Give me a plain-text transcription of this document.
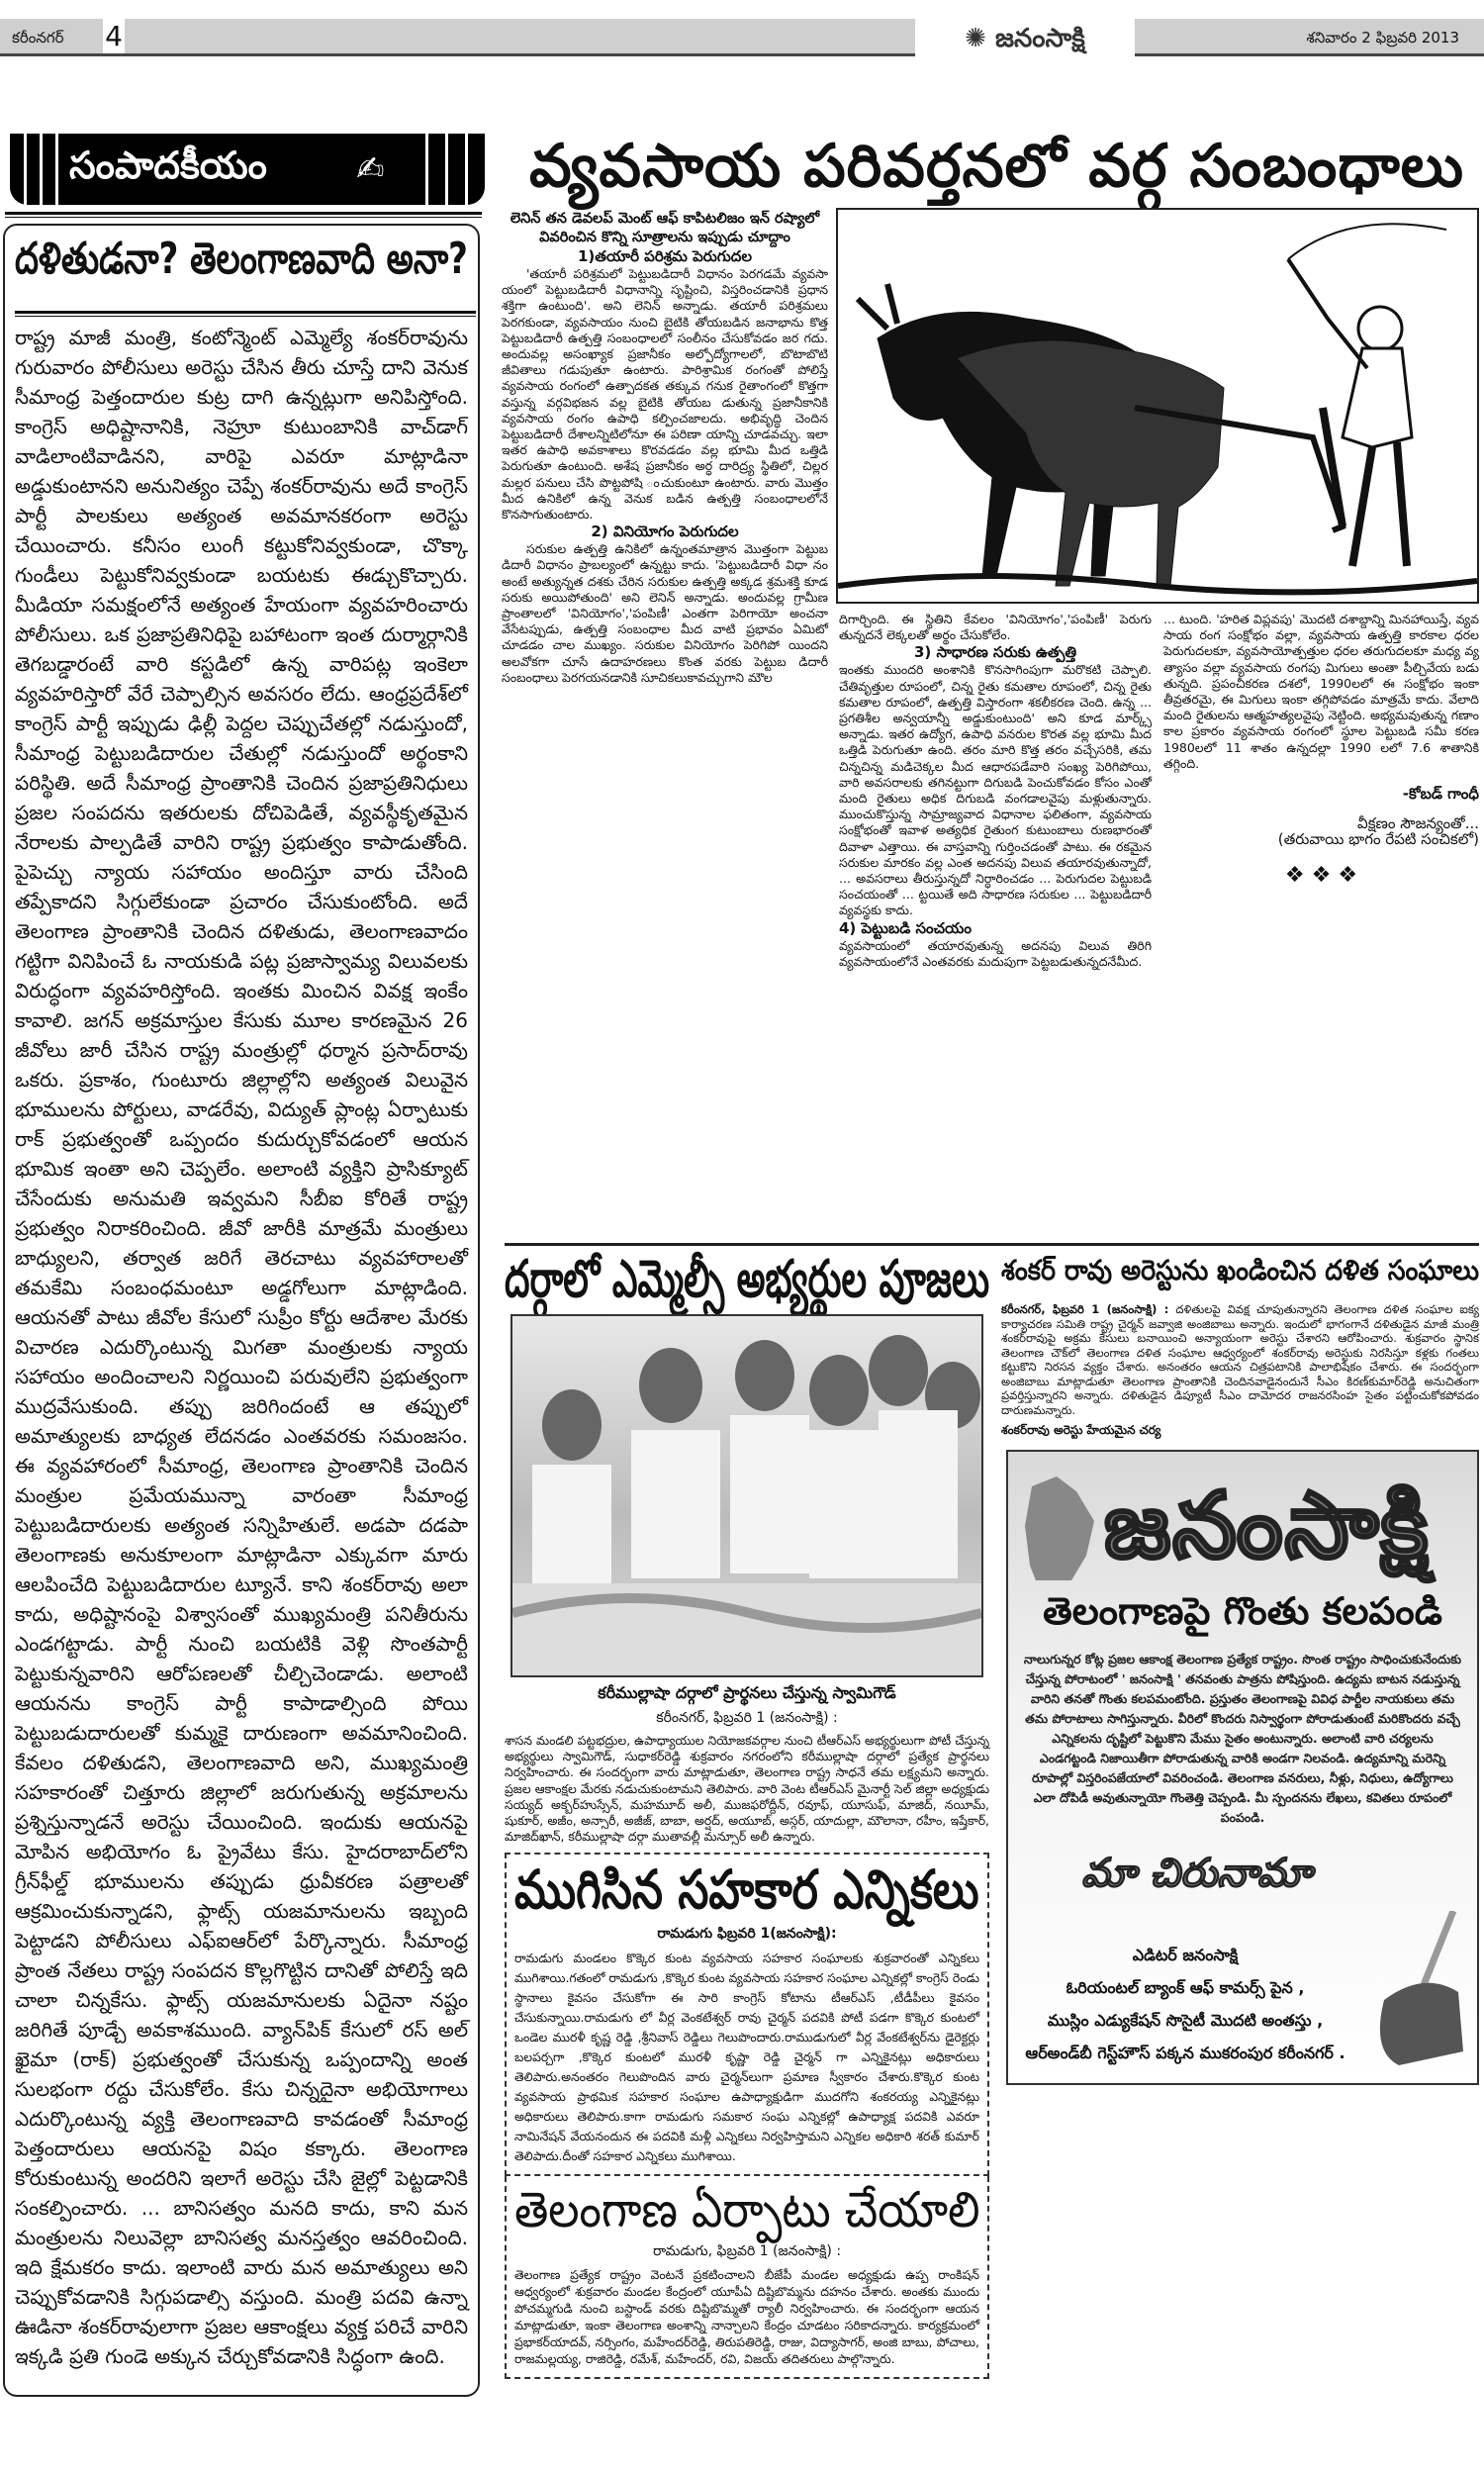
కరీంనగర్ 4	✺ జనంసాక్షి	శనివారం 2 ఫిబ్రవరి 2013
సంపాదకీయం	✍
దళితుడనా? తెలంగాణవాది అనా?

రాష్ట్ర మాజీ మంత్రి, కంటోన్మెంట్ ఎమ్మెల్యే శంకర్‌రావును గురువారం పోలీసులు అరెస్టు చేసిన తీరు చూస్తే దాని వెనుక సీమాంధ్ర పెత్తందారుల కుట్ర దాగి ఉన్నట్లుగా అనిపిస్తోంది. కాంగ్రెస్ అధిష్టానానికి, నెహ్రూ కుటుంబానికి వాచ్‌డాగ్ వాడిలాంటివాడినని, వారిపై ఎవరూ మాట్లాడినా అడ్డుకుంటానని అనునిత్యం చెప్పే శంకర్‌రావును అదే కాంగ్రెస్ పార్టీ పాలకులు అత్యంత అవమానకరంగా అరెస్టు చేయించారు. కనీసం లుంగీ కట్టుకోనివ్వకుండా, చొక్కా గుండీలు పెట్టుకోనివ్వకుండా బయటకు ఈడ్చుకొచ్చారు. మీడియా సమక్షంలోనే అత్యంత హేయంగా వ్యవహరించారు పోలీసులు. ఒక ప్రజాప్రతినిధిపై బహాటంగా ఇంత దుర్మార్గానికి తెగబడ్డారంటే వారి కస్టడిలో ఉన్న వారిపట్ల ఇంకెలా వ్యవహరిస్తారో వేరే చెప్పాల్సిన అవసరం లేదు. ఆంధ్రప్రదేశ్‌లో కాంగ్రెస్ పార్టీ ఇప్పుడు ఢిల్లీ పెద్దల చెప్పుచేతల్లో నడుస్తుందో, సీమాంధ్ర పెట్టుబడిదారుల చేతుల్లో నడుస్తుందో అర్థంకాని పరిస్థితి. అదే సీమాంధ్ర ప్రాంతానికి చెందిన ప్రజాప్రతినిధులు ప్రజల సంపదను ఇతరులకు దోచిపెడితే, వ్యవస్థీకృతమైన నేరాలకు పాల్పడితే వారిని రాష్ట్ర ప్రభుత్వం కాపాడుతోంది. పైపెచ్చు న్యాయ సహాయం అందిస్తూ వారు చేసింది తప్పేకాదని సిగ్గులేకుండా ప్రచారం చేసుకుంటోంది. అదే తెలంగాణ ప్రాంతానికి చెందిన దళితుడు, తెలంగాణవాదం గట్టిగా వినిపించే ఓ నాయకుడి పట్ల ప్రజాస్వామ్య విలువలకు విరుద్ధంగా వ్యవహరిస్తోంది. ఇంతకు మించిన వివక్ష ఇంకేం కావాలి. జగన్ అక్రమాస్తుల కేసుకు మూల కారణమైన 26 జీవోలు జారీ చేసిన రాష్ట్ర మంత్రుల్లో ధర్మాన ప్రసాద్‌రావు ఒకరు. ప్రకాశం, గుంటూరు జిల్లాల్లోని అత్యంత విలువైన భూములను పోర్టులు, వాడరేవు, విద్యుత్ ప్లాంట్ల ఏర్పాటుకు రాక్ ప్రభుత్వంతో ఒప్పందం కుదుర్చుకోవడంలో ఆయన భూమిక ఇంతా అని చెప్పలేం. అలాంటి వ్యక్తిని ప్రాసిక్యూట్ చేసేందుకు అనుమతి ఇవ్వమని సీబీఐ కోరితే రాష్ట్ర ప్రభుత్వం నిరాకరించింది. జీవో జారీకి మాత్రమే మంత్రులు బాధ్యులని, తర్వాత జరిగే తెరచాటు వ్యవహారాలతో తమకేమి సంబంధమంటూ అడ్డగోలుగా మాట్లాడింది. ఆయనతో పాటు జీవోల కేసులో సుప్రీం కోర్టు ఆదేశాల మేరకు విచారణ ఎదుర్కొంటున్న మిగతా మంత్రులకు న్యాయ సహాయం అందించాలని నిర్ణయించి పరువులేని ప్రభుత్వంగా ముద్రవేసుకుంది. తప్పు జరిగిందంటే ఆ తప్పులో అమాత్యులకు బాధ్యత లేదనడం ఎంతవరకు సమంజసం. ఈ వ్యవహారంలో సీమాంధ్ర, తెలంగాణ ప్రాంతానికి చెందిన మంత్రుల ప్రమేయమున్నా వారంతా సీమాంధ్ర పెట్టుబడిదారులకు అత్యంత సన్నిహితులే. అడపా దడపా తెలంగాణకు అనుకూలంగా మాట్లాడినా ఎక్కువగా మారు ఆలపించేది పెట్టుబడిదారుల ట్యూనే. కాని శంకర్‌రావు అలా కాదు, అధిష్టానంపై విశ్వాసంతో ముఖ్యమంత్రి పనితీరును ఎండగట్టాడు. పార్టీ నుంచి బయటికి వెళ్లి సొంతపార్టీ పెట్టుకున్నవారిని ఆరోపణలతో చీల్చిచెండాడు. అలాంటి ఆయనను కాంగ్రెస్ పార్టీ కాపాడాల్సింది పోయి పెట్టుబడుదారులతో కుమ్మకై దారుణంగా అవమానించింది. కేవలం దళితుడని, తెలంగాణవాది అని, ముఖ్యమంత్రి సహకారంతో చిత్తూరు జిల్లాలో జరుగుతున్న అక్రమాలను ప్రశ్నిస్తున్నాడనే అరెస్టు చేయించింది. ఇందుకు ఆయనపై మోపిన అభియోగం ఓ ప్రైవేటు కేసు. హైదరాబాద్‌లోని గ్రీన్‌ఫీల్డ్ భూములను తప్పుడు ధ్రువీకరణ పత్రాలతో ఆక్రమించుకున్నాడని, ఫ్లాట్స్ యజమానులను ఇబ్బంది పెట్టాడని పోలీసులు ఎఫ్ఐఆర్‌లో పేర్కొన్నారు. సీమాంధ్ర ప్రాంత నేతలు రాష్ట్ర సంపదన కొల్లగొట్టిన దానితో పోలిస్తే ఇది చాలా చిన్నకేసు. ఫ్లాట్స్ యజమానులకు ఏదైనా నష్టం జరిగితే పూడ్చే అవకాశముంది. వ్యాన్‌పిక్ కేసులో రస్ అల్ ఖైమా (రాక్) ప్రభుత్వంతో చేసుకున్న ఒప్పందాన్ని అంత సులభంగా రద్దు చేసుకోలేం. కేసు చిన్నదైనా అభియోగాలు ఎదుర్కొంటున్న వ్యక్తి తెలంగాణవాది కావడంతో సీమాంధ్ర పెత్తందారులు ఆయనపై విషం కక్కారు. తెలంగాణ కోరుకుంటున్న అందరిని ఇలాగే అరెస్టు చేసి జైల్లో పెట్టడానికి సంకల్పించారు. ... బానిసత్వం మనది కాదు, కాని మన మంత్రులను నిలువెల్లా బానిసత్వ మనస్తత్వం ఆవరించింది. ఇది క్షేమకరం కాదు. ఇలాంటి వారు మన అమాత్యులు అని చెప్పుకోవడానికి సిగ్గుపడాల్సి వస్తుంది. మంత్రి పదవి ఉన్నా ఊడినా శంకర్‌రావులాగా ప్రజల ఆకాంక్షలు వ్యక్త పరిచే వారిని ఇక్కడి ప్రతి గుండె అక్కున చేర్చుకోవడానికి సిద్ధంగా ఉంది.

వ్యవసాయ పరివర్తనలో వర్గ సంబంధాలు
లెనిన్ తన డెవలప్ మెంట్ ఆఫ్ కాపిటలిజం ఇన్ రష్యాలో వివరించిన కొన్ని సూత్రాలను ఇప్పుడు చూద్దాం
1)తయారీ పరిశ్రమ పెరుగుదల

'తయారీ పరిశ్రమలో పెట్టుబడిదారీ విధానం పెరగడమే వ్యవసా యంలో పెట్టుబడిదారీ విధానాన్ని సృష్టించి, విస్తరించడానికి ప్రధాన శక్తిగా ఉంటుంది'. అని లెనిన్ అన్నాడు. తయారీ పరిశ్రమలు పెరగకుండా, వ్యవసాయం నుంచి బైటికి తోయబడిన జనాభాను కొత్త పెట్టుబడిదారీ ఉత్పత్తి సంబంధాలలో సంలీనం చేసుకోవడం జర గదు. అందువల్ల అసంఖ్యాక ప్రజానీకం అల్పోద్యోగాలలో, బొటాబొటి జీవితాలు గడుపుతూ ఉంటారు. పారిశ్రామిక రంగంతో పోలిస్తే వ్యవసాయ రంగంలో ఉత్పాదకత తక్కువ గనుక రైతాంగంలో కొత్తగా వస్తున్న వర్గవిభజన వల్ల బైటికి తోయబ డుతున్న ప్రజానీకానికి వ్యవసాయ రంగం ఉపాధి కల్పించజాలదు. అభివృద్ధి చెందిన పెట్టుబడిదారీ దేశాలన్నిటిలోనూ ఈ పరిణా యాన్ని చూడవచ్చు. ఇలా ఇతర ఉపాధి అవకాశాలు కొరవడడం వల్ల భూమి మీద ఒత్తిడి పెరుగుతూ ఉంటుంది. అశేష ప్రజానీకం అర్ధ దారిద్ర్య స్థితిలో, చిల్లర మల్లర పనులు చేసి పొట్టపోషి ంచుకుంటూ ఉంటారు. వారు మొత్తం మీద ఉనికిలో ఉన్న వెనుక బడిన ఉత్పత్తి సంబంధాలలోనే కొనసాగుతుంటారు.

2) వినియోగం పెరుగుదల

సరుకుల ఉత్పత్తి ఉనికిలో ఉన్నంతమాత్రాన మొత్తంగా పెట్టుబ డిదారీ విధానం ప్రాబల్యంలో ఉన్నట్టు కాదు. 'పెట్టుబడిదారీ విధా నం అంటే అత్యున్నత దశకు చేరిన సరుకుల ఉత్పత్తి అక్కడ శ్రమశక్తి కూడ సరుకు అయిపోతుంది' అని లెనిన్ అన్నాడు. అందువల్ల గ్రామీణ ప్రాంతాలలో 'వినియోగం','పంపిణీ' ఎంతగా పెరిగాయో అంచనా వేసేటప్పుడు, ఉత్పత్తి సంబంధాల మీద వాటి ప్రభావం ఏమిటో చూడడం చాల ముఖ్యం. సరుకుల వినియోగం పెరిగిపో యిందని అలవోకగా చూసే ఉదాహరణలు కొంత వరకు పెట్టుబ డిదారీ సంబంధాలు పెరగయనడానికి సూచికలుకావచ్చుగాని మౌల

దిగార్చింది. ఈ స్థితిని కేవలం 'వినియోగం','పంపిణీ' పెరుగు తున్నదనే లెక్కలతో అర్థం చేసుకోలేం.

3) సాధారణ సరుకు ఉత్పత్తి

ఇంతకు ముందరి అంశానికి కొనసాగింపుగా మరొకటి చెప్పాలి. చేతివృత్తుల రూపంలో, చిన్న రైతు కమతాల రూపంలో, చిన్న రైతు కమతాల రూపంలో, ఉత్పత్తి విస్తారంగా శకలీకరణ చెంది. ఉన్న ... ప్రగతిశీల అన్వయాన్నీ అడ్డుకుంటుంది' అని కూడ మార్క్స్ అన్నాడు. ఇతర ఉద్యోగ, ఉపాధి వనరుల కొరత వల్ల భూమి మీద ఒత్తిడి పెరుగుతూ ఉంది. తరం మారి కొత్త తరం వచ్చేసరికి, తమ చిన్నచిన్న మడిచెక్కల మీద ఆధారపడేవారి సంఖ్య పెరిగిపోయి, వారి అవసరాలకు తగినట్టుగా దిగుబడి పెంచుకోవడం కోసం ఎంతో మంది రైతులు అధిక దిగుబడి వంగడాలవైపు మళ్లుతున్నారు. ముంచుకొస్తున్న సామ్రాజ్యవాద విధానాల ఫలితంగా, వ్యవసాయ సంక్షోభంతో ఇవాళ అత్యధిక రైతుంగ కుటుంబాలు రుణభారంతో దివాళా ఎత్తాయి. ఈ వాస్తవాన్ని గుర్తించడంతో పాటు. ఈ రకమైన సరుకుల మారకం వల్ల ఎంత అదనపు విలువ తయారవుతున్నాదో, ... అవసరాలు తీరుస్తున్నదో నిర్ధారించడం ... పెరుగుదల పెట్టుబడి సంచయంతో ... ట్టయితే అది సాధారణ సరుకుల ... పెట్టుబడిదారీ వ్యవస్థకు కాదు.

4) పెట్టుబడి సంచయం

వ్యవసాయంలో తయారవుతున్న అదనపు విలువ తిరిగి వ్యవసాయంలోనే ఎంతవరకు మదుపుగా పెట్టబడుతున్నదనేమీద.

... టుంది. 'హరిత విప్లవపు' మొదటి దశాబ్దాన్ని మినహాయిస్తే, వ్యవ సాయ రంగ సంక్షోభం వల్లా, వ్యవసాయ ఉత్పత్తి కారకాల ధరల పెరుగుదలకూ, వ్యవసాయోత్పత్తుల ధరల తరుగుదలకూ మధ్య వ్య త్యాసం వల్లా వ్యవసాయ రంగపు మిగులు అంతా పీల్చివేయ బడు తున్నది. ప్రపంచీకరణ దశలో, 1990లలో ఈ సంక్షోభం ఇంకా తీవ్రతరమై, ఈ మిగులు ఇంకా తగ్గిపోవడం మాత్రమే కాదు. వేలాది మంది రైతులను ఆత్మహత్యలవైపు నెట్టింది. అభ్యమవుతున్న గణాం కాల ప్రకారం వ్యవసాయ రంగంలో స్థూల పెట్టుబడి సమీ కరణ 1980లలో 11 శాతం ఉన్నదల్లా 1990 లలో 7.6 శాతానికి తగ్గింది.

-కోబడ్ గాంధీ

వీక్షణం సౌజన్యంతో...

(తరువాయి భాగం రేపటి సంచికలో)

❖ ❖ ❖

దర్గాలో ఎమ్మెల్సీ అభ్యర్థుల పూజలు

కరీముల్లాషా దర్గాలో ప్రార్థనలు చేస్తున్న స్వామిగౌడ్

కరీంనగర్, ఫిబ్రవరి 1 (జనంసాక్షి) :

శాసన మండలి పట్టభద్రుల, ఉపాధ్యాయుల నియోజకవర్గాల నుంచి టీఆర్ఎస్ అభ్యర్థులుగా పోటీ చేస్తున్న అభ్యర్థులు స్వామిగౌడ్, సుధాకర్‌రెడ్డి శుక్రవారం నగరంలోని కరీముల్లాషా దర్గాలో ప్రత్యేక ప్రార్థనలు నిర్వహించారు. ఈ సందర్భంగా వారు మాట్లాడుతూ, తెలంగాణ రాష్ట్ర సాధనే తమ లక్ష్యమని అన్నారు. ప్రజల ఆకాంక్షల మేరకు నడుచుకుంటామని తెలిపారు. వారి వెంట టీఆర్ఎస్ మైనార్టీ సెల్ జిల్లా అధ్యక్షుడు సయ్యద్ అక్బర్‌హుస్సేన్, మహమూద్ అలీ, ముజఫరోద్దీన్, రవూఫ్, యూసుఫ్, మాజిద్, నయీమ్, షుకూర్, అజీం, అన్సారీ, అజీజ్, బాబా, అర్షద్, అయూబ్, అస్గర్, యాదుల్లా, మౌలానా, రహీం, ఇష్తేకార్, మాజిద్‌ఖాన్, కరీముల్లాషా దర్గా ముతావల్లీ మన్సూర్ అలీ ఉన్నారు.

ముగిసిన సహకార ఎన్నికలు

రామడుగు ఫిబ్రవరి 1(జనంసాక్షి):

రామడుగు మండలం కొక్కెర కుంట వ్యవసాయ సహకార సంఘాలకు శుక్రవారంతో ఎన్నికలు ముగిశాయి.గతంలో రామడుగు ,కొక్కెర కుంట వ్యవసాయ సహకార సంఘాల ఎన్నికల్లో కాంగ్రెస్ రెండు స్థానాలు కైవసం చేసుకోగా ఈ సారి కాంగ్రెస్ కోటాను టీఆర్ఎస్ ,టీడీపీలు కైవసం చేసుకున్నాయి.రామడుగు లో వీర్ల వెంకటేశ్వర్ రావు చైర్మన్ పదవికి పోటీ పడగా కొక్కెర కుంటలో ఒండెల మురళీ కృష్ణ రెడ్డి ,శ్రీనివాస్ రెడ్డిలు గెలుపొందారు.రాముడుగులో వీర్ల వేంకటేశ్వర్‌ను డైరెక్టర్లు బలపర్చగా ,కొక్కెర కుంటలో మురళీ కృష్ణా రెడ్డి చైర్మన్ గా ఎన్నికైనట్లు అధికారులు తెలిపారు.అనంతరం గెలుపొందిన వారు చైర్మన్‌లుగా ప్రమాణ స్వీకారం చేశారు.కొక్కెర కుంట వ్యవసాయ ప్రాథమిక సహకార సంఘాల ఉపాధ్యాక్షుడిగా ముదగోని శంకరయ్య ఎన్నికైనట్లు అధికారులు తెలిపారు.కాగా రామడుగు సమకార సంఘ ఎన్నికల్లో ఉపాధ్యాక్ష పదవికి ఎవరూ నామినేషన్ వేయనందున ఈ పదవికి మళ్లీ ఎన్నికలు నిర్వహిస్తామని ఎన్నికల అధికారి శరత్ కుమార్ తెలిపాదు.దీంతో సహకార ఎన్నికలు ముగిశాయి.

తెలంగాణ ఏర్పాటు చేయాలి

రామడుగు, ఫిబ్రవరి 1 (జనంసాక్షి) :

తెలంగాణ ప్రత్యేక రాష్ట్రం వెంటనే ప్రకటించాలని బీజేపీ మండల అధ్యక్షుడు ఉప్ప రాంకిషన్ ఆధ్వర్యంలో శుక్రవారం మండల కేంద్రంలో యూపీఏ దిష్టిబొమ్మను దహనం చేశారు. అంతకు ముందు పోచమ్మగుడి నుంచి బస్టాండ్ వరకు దిష్టిబొమ్మతో ర్యాలీ నిర్వహించారు. ఈ సందర్భంగా ఆయన మాట్లాడుతూ, ఇంకా తెలంగాణ అంశాన్ని నాన్చాలని కేంద్రం చూడటం సరికాదన్నారు. కార్యక్రమంలో ప్రభాకర్‌యాదవ్, నర్సింగం, మహేందర్‌రెడ్డి, తిరుపతిరెడ్డి, రాజు, విద్యాసాగర్, అంజి బాబు, పోచాలు, రాజమల్లయ్య, రాజిరెడ్డి, రమేశ్, మహేందర్, రవి, విజయ్ తదితరులు పాల్గొన్నారు.

శంకర్ రావు అరెస్టును ఖండించిన దళిత సంఘాలు

కరీంనగర్, ఫిబ్రవరి 1 (జనంసాక్షి) : దళితులపై వివక్ష చూపుతున్నారని తెలంగాణ దళిత సంఘాల ఐక్య కార్యాచరణ సమితి రాష్ట్ర చైర్మన్ జవ్వాజి అంజిబాబు అన్నారు. ఇందులో భాగంగానే దళితుడైన మాజీ మంత్రి శంకర్‌రావుపై అక్రమ కేసులు బనాయించి అన్యాయంగా అరెస్టు చేశారని ఆరోపించారు. శుక్రవారం స్థానిక తెలంగాణ చౌక్‌లో తెలంగాణ దళిత సంఘాల ఆధ్వర్యంలో శంకర్‌రావు అరెస్టుకు నిరసిస్తూ కళ్లకు గంతలు కట్టుకొని నిరసన వ్యక్తం చేశారు. అనంతరం ఆయన చిత్రపటానికి పాలాభిషేకం చేశారు. ఈ సందర్భంగా అంజిబాబు మాట్లాడుతూ తెలంగాణ ప్రాంతానికి చెందినవాడైనందునే సీఎం కిరణ్‌కుమార్‌రెడ్డి అనుచితంగా ప్రవర్తిస్తున్నారని అన్నారు. దళితుడైన డిప్యూటీ సీఎం దామోదర రాజనరసింహ సైతం పట్టించుకోకపోవడం దారుణమన్నారు.

శంకర్‌రావు అరెస్టు హేయమైన చర్య

జనంసాక్షి
తెలంగాణపై గొంతు కలపండి
నాలుగున్నర కోట్ల ప్రజల ఆకాంక్ష తెలంగాణ ప్రత్యేక రాష్ట్రం. సొంత రాష్ట్రం సాధించుకునేందుకు చేస్తున్న పోరాటంలో ' జనంసాక్షి ' తనవంతు పాత్రను పోషిస్తుంది. ఉద్యమ బాటన నడుస్తున్న వారిని తనతో గొంతు కలపమంటోంది. ప్రస్తుతం తెలంగాణపై వివిధ పార్టీల నాయకులు తమ తమ పోరాటాలు సాగిస్తున్నారు. వీరిలో కొందరు నిస్వార్థంగా పోరాడుతుంటే మరికొందరు వచ్చే ఎన్నికలను దృష్టిలో పెట్టుకొని మేము సైతం అంటున్నారు. అలాంటి వారి చర్యలను ఎండగట్టండి నిజాయితీగా పోరాడుతున్న వారికి అండగా నిలవండి. ఉద్యమాన్ని మరెన్ని రూపాల్లో విస్తరింపజేయాలో వివరించండి. తెలంగాణ వనరులు, నీళ్లు, నిధులు, ఉద్యోగాలు ఎలా దోపిడీ అవుతున్నాయో గొంతెత్తి చెప్పండి. మీ స్పందనను లేఖలు, కవితలు రూపంలో పంపండి.
మా చిరునామా
ఎడిటర్ జనంసాక్షి
ఓరియంటల్ బ్యాంక్ ఆఫ్ కామర్స్ పైన ,
ముస్లిం ఎడ్యుకేషన్ సొసైటీ మొదటి అంతస్తు ,
ఆర్అండ్‌బీ గెస్ట్‌హౌస్ పక్కన ముకరంపుర కరీంనగర్ .
